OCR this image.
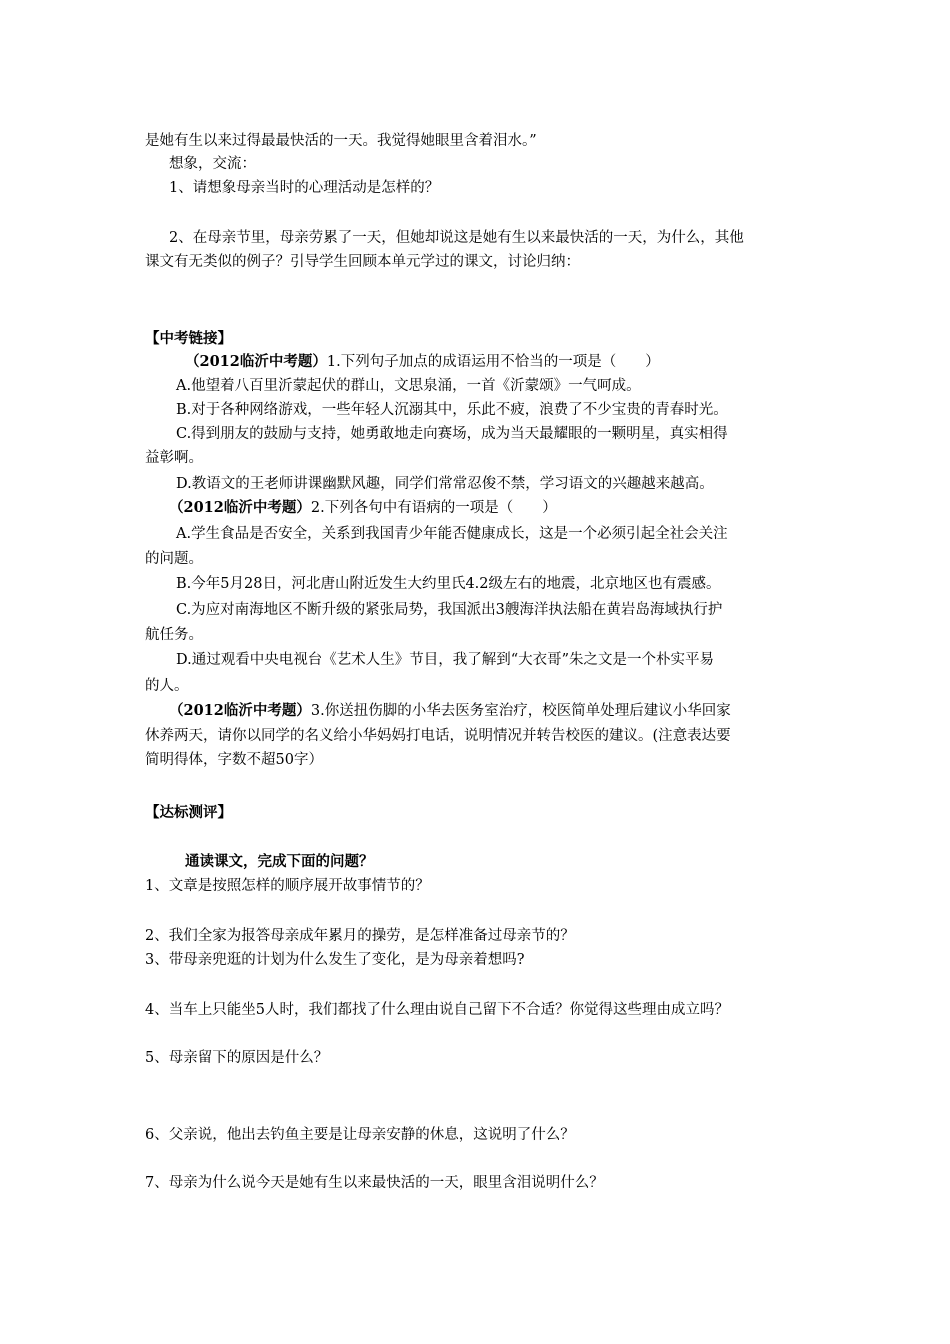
是她有生以来过得最最快活的一天。我觉得她眼里含着泪水。”
想象，交流：
1、请想象母亲当时的心理活动是怎样的？
2、在母亲节里，母亲劳累了一天，但她却说这是她有生以来最快活的一天，为什么，其他
课文有无类似的例子？引导学生回顾本单元学过的课文，讨论归纳：
【中考链接】
（2012临沂中考题）1.下列句子加点的成语运用不恰当的一项是（　　）
A.他望着八百里沂蒙起伏的群山，文思泉涌，一首《沂蒙颂》一气呵成。
B.对于各种网络游戏，一些年轻人沉溺其中，乐此不疲，浪费了不少宝贵的青春时光。
C.得到朋友的鼓励与支持，她勇敢地走向赛场，成为当天最耀眼的一颗明星，真实相得
益彰啊。
D.教语文的王老师讲课幽默风趣，同学们常常忍俊不禁，学习语文的兴趣越来越高。
（2012临沂中考题）2.下列各句中有语病的一项是（　　）
A.学生食品是否安全，关系到我国青少年能否健康成长，这是一个必须引起全社会关注
的问题。
B.今年5月28日，河北唐山附近发生大约里氏4.2级左右的地震，北京地区也有震感。
C.为应对南海地区不断升级的紧张局势，我国派出3艘海洋执法船在黄岩岛海域执行护
航任务。
D.通过观看中央电视台《艺术人生》节目，我了解到“大衣哥”朱之文是一个朴实平易
的人。
（2012临沂中考题）3.你送扭伤脚的小华去医务室治疗，校医简单处理后建议小华回家
休养两天，请你以同学的名义给小华妈妈打电话，说明情况并转告校医的建议。(注意表达要
简明得体，字数不超50字）
【达标测评】
通读课文，完成下面的问题？
1、文章是按照怎样的顺序展开故事情节的？
2、我们全家为报答母亲成年累月的操劳，是怎样准备过母亲节的？
3、带母亲兜逛的计划为什么发生了变化，是为母亲着想吗?
4、当车上只能坐5人时，我们都找了什么理由说自己留下不合适？你觉得这些理由成立吗？
5、母亲留下的原因是什么？
6、父亲说，他出去钓鱼主要是让母亲安静的休息，这说明了什么？
7、母亲为什么说今天是她有生以来最快活的一天，眼里含泪说明什么？
